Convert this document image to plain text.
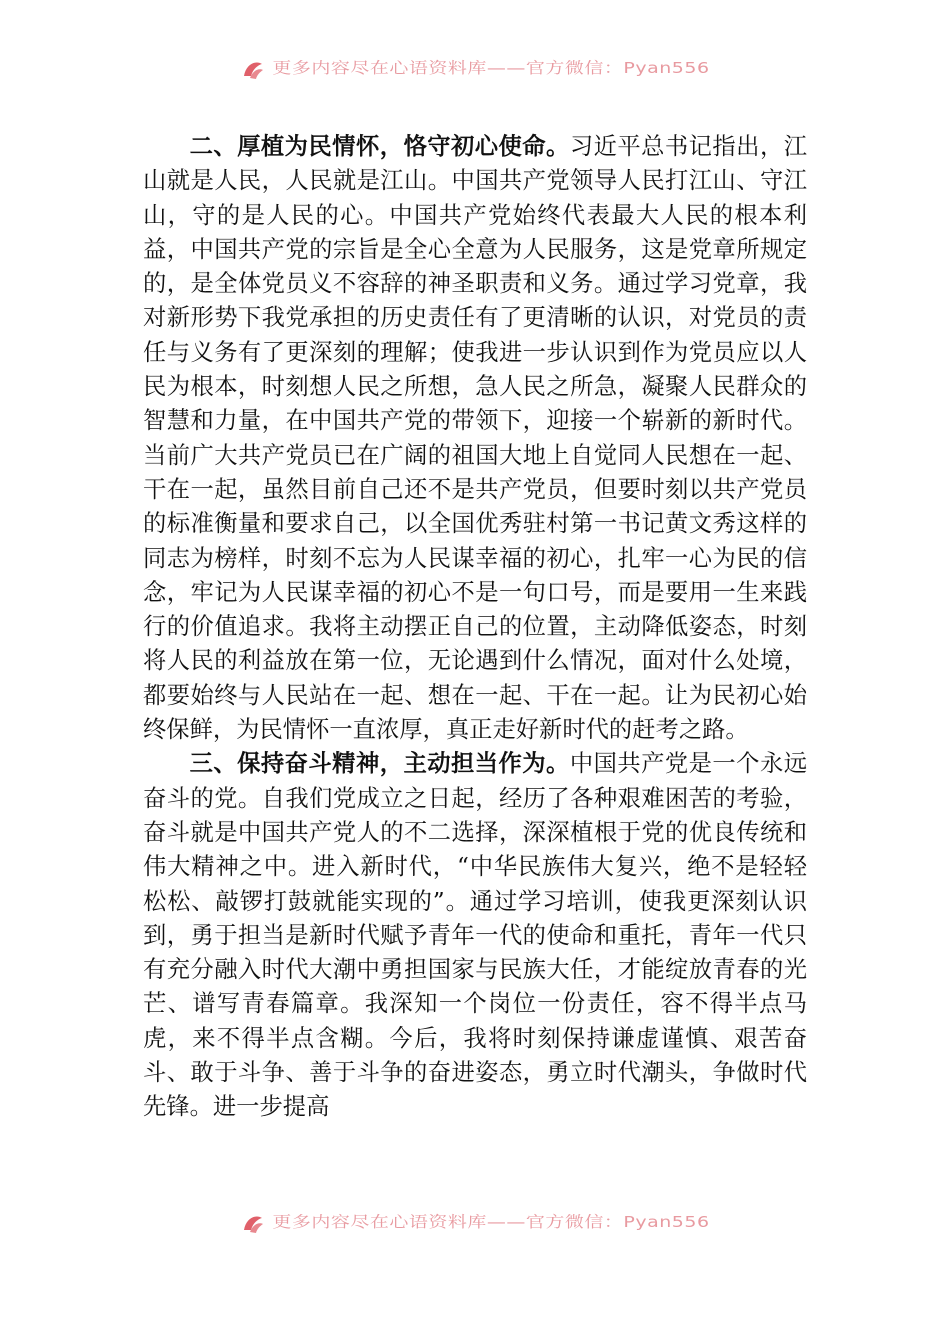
更多内容尽在心语资料库——官方微信：Pyan556

二、厚植为民情怀，恪守初心使命。习近平总书记指出，江山就是人民，人民就是江山。中国共产党领导人民打江山、守江山，守的是人民的心。中国共产党始终代表最大人民的根本利益，中国共产党的宗旨是全心全意为人民服务，这是党章所规定的，是全体党员义不容辞的神圣职责和义务。通过学习党章，我对新形势下我党承担的历史责任有了更清晰的认识，对党员的责任与义务有了更深刻的理解；使我进一步认识到作为党员应以人民为根本，时刻想人民之所想，急人民之所急，凝聚人民群众的智慧和力量，在中国共产党的带领下，迎接一个崭新的新时代。当前广大共产党员已在广阔的祖国大地上自觉同人民想在一起、干在一起，虽然目前自己还不是共产党员，但要时刻以共产党员的标准衡量和要求自己，以全国优秀驻村第一书记黄文秀这样的同志为榜样，时刻不忘为人民谋幸福的初心，扎牢一心为民的信念，牢记为人民谋幸福的初心不是一句口号，而是要用一生来践行的价值追求。我将主动摆正自己的位置，主动降低姿态，时刻将人民的利益放在第一位，无论遇到什么情况，面对什么处境，都要始终与人民站在一起、想在一起、干在一起。让为民初心始终保鲜，为民情怀一直浓厚，真正走好新时代的赶考之路。

三、保持奋斗精神，主动担当作为。中国共产党是一个永远奋斗的党。自我们党成立之日起，经历了各种艰难困苦的考验，奋斗就是中国共产党人的不二选择，深深植根于党的优良传统和伟大精神之中。进入新时代，“中华民族伟大复兴，绝不是轻轻松松、敲锣打鼓就能实现的”。通过学习培训，使我更深刻认识到，勇于担当是新时代赋予青年一代的使命和重托，青年一代只有充分融入时代大潮中勇担国家与民族大任，才能绽放青春的光芒、谱写青春篇章。我深知一个岗位一份责任，容不得半点马虎，来不得半点含糊。今后，我将时刻保持谦虚谨慎、艰苦奋斗、敢于斗争、善于斗争的奋进姿态，勇立时代潮头，争做时代先锋。进一步提高

更多内容尽在心语资料库——官方微信：Pyan556
